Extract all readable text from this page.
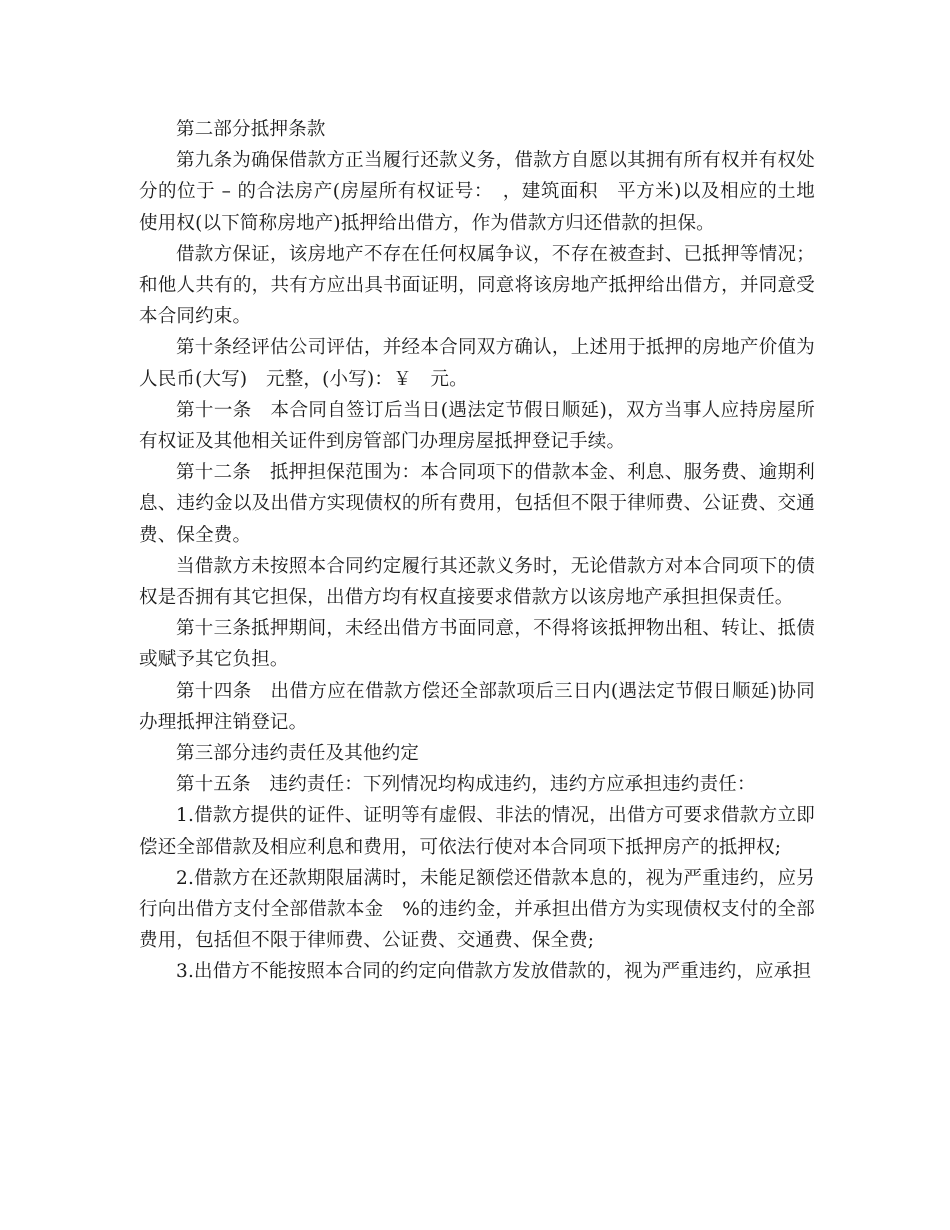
第二部分抵押条款

第九条为确保借款方正当履行还款义务，借款方自愿以其拥有所有权并有权处分的位于 – 的合法房产(房屋所有权证号：　，建筑面积　平方米)以及相应的土地使用权(以下简称房地产)抵押给出借方，作为借款方归还借款的担保。

借款方保证，该房地产不存在任何权属争议，不存在被查封、已抵押等情况；和他人共有的，共有方应出具书面证明，同意将该房地产抵押给出借方，并同意受本合同约束。

第十条经评估公司评估，并经本合同双方确认，上述用于抵押的房地产价值为人民币(大写)　元整，(小写)：￥　元。

第十一条　本合同自签订后当日(遇法定节假日顺延)，双方当事人应持房屋所有权证及其他相关证件到房管部门办理房屋抵押登记手续。

第十二条　抵押担保范围为：本合同项下的借款本金、利息、服务费、逾期利息、违约金以及出借方实现债权的所有费用，包括但不限于律师费、公证费、交通费、保全费。

当借款方未按照本合同约定履行其还款义务时，无论借款方对本合同项下的债权是否拥有其它担保，出借方均有权直接要求借款方以该房地产承担担保责任。

第十三条抵押期间，未经出借方书面同意，不得将该抵押物出租、转让、抵债或赋予其它负担。

第十四条　出借方应在借款方偿还全部款项后三日内(遇法定节假日顺延)协同办理抵押注销登记。

第三部分违约责任及其他约定

第十五条　违约责任：下列情况均构成违约，违约方应承担违约责任：

1.借款方提供的证件、证明等有虚假、非法的情况，出借方可要求借款方立即偿还全部借款及相应利息和费用，可依法行使对本合同项下抵押房产的抵押权;

2.借款方在还款期限届满时，未能足额偿还借款本息的，视为严重违约，应另行向出借方支付全部借款本金　%的违约金，并承担出借方为实现债权支付的全部费用，包括但不限于律师费、公证费、交通费、保全费;

3.出借方不能按照本合同的约定向借款方发放借款的，视为严重违约，应承担
